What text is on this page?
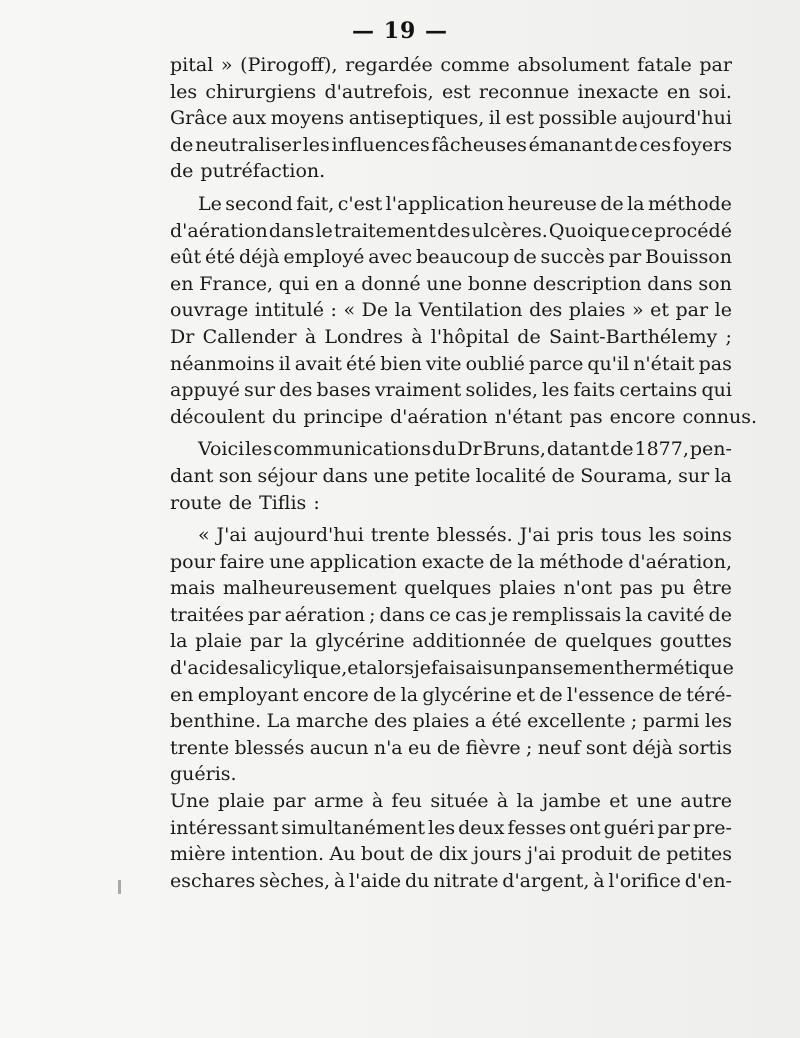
— 19 —
pital » (Pirogoff), regardée comme absolument fatale par
les chirurgiens d'autrefois, est reconnue inexacte en soi.
Grâce aux moyens antiseptiques, il est possible aujourd'hui
de neutraliser les influences fâcheuses émanant de ces foyers
de putréfaction.
Le second fait, c'est l'application heureuse de la méthode
d'aération dans le traitement des ulcères. Quoique ce procédé
eût été déjà employé avec beaucoup de succès par Bouisson
en France, qui en a donné une bonne description dans son
ouvrage intitulé : « De la Ventilation des plaies » et par le
Dr Callender à Londres à l'hôpital de Saint-Barthélemy ;
néanmoins il avait été bien vite oublié parce qu'il n'était pas
appuyé sur des bases vraiment solides, les faits certains qui
découlent du principe d'aération n'étant pas encore connus.
Voici les communications du Dr Bruns, datant de 1877, pen-
dant son séjour dans une petite localité de Sourama, sur la
route de Tiflis :
« J'ai aujourd'hui trente blessés. J'ai pris tous les soins
pour faire une application exacte de la méthode d'aération,
mais malheureusement quelques plaies n'ont pas pu être
traitées par aération ; dans ce cas je remplissais la cavité de
la plaie par la glycérine additionnée de quelques gouttes
d'acide salicylique, et alors je faisais un pansement hermétique
en employant encore de la glycérine et de l'essence de téré-
benthine. La marche des plaies a été excellente ; parmi les
trente blessés aucun n'a eu de fièvre ; neuf sont déjà sortis
guéris.
Une plaie par arme à feu située à la jambe et une autre
intéressant simultanément les deux fesses ont guéri par pre-
mière intention. Au bout de dix jours j'ai produit de petites
eschares sèches, à l'aide du nitrate d'argent, à l'orifice d'en-
